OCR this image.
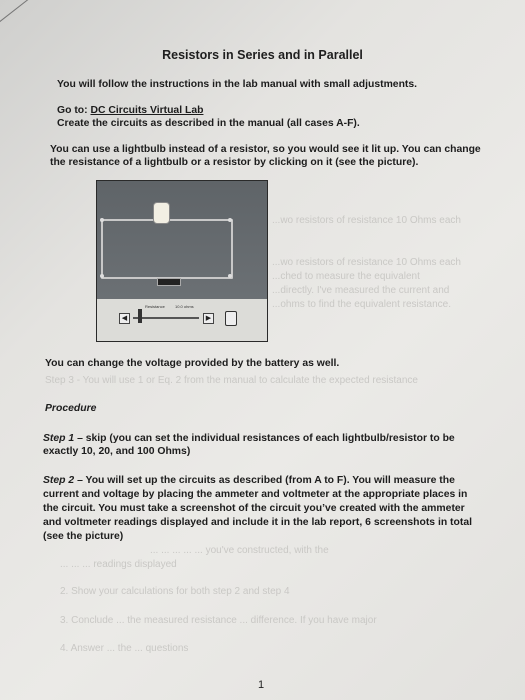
Resistors in Series and in Parallel
You will follow the instructions in the lab manual with small adjustments.
Go to: DC Circuits Virtual Lab
Create the circuits as described in the manual (all cases A-F).
You can use a lightbulb instead of a resistor, so you would see it lit up. You can change
the resistance of a lightbulb or a resistor by clicking on it (see the picture).
...wo resistors of resistance 10 Ohms each
...wo resistors of resistance 10 Ohms each
...ched to measure the equivalent
...directly. I've measured the current and
...ohms to find the equivalent resistance.
Resistance	10.0 ohms
◀	▶
You can change the voltage provided by the battery as well.
Step 3 - You will use 1 or Eq. 2 from the manual to calculate the expected resistance
Procedure
Step 1 – skip (you can set the individual resistances of each lightbulb/resistor to be
exactly 10, 20, and 100 Ohms)
Step 2 – You will set up the circuits as described (from A to F). You will measure the
current and voltage by placing the ammeter and voltmeter at the appropriate places in
the circuit. You must take a screenshot of the circuit you’ve created with the ammeter
and voltmeter readings displayed and include it in the lab report, 6 screenshots in total
(see the picture)
... ... ... ... ... you've constructed, with the
... ... ... readings displayed
2. Show your calculations for both step 2 and step 4
3. Conclude ... the measured resistance ... difference. If you have major
4. Answer ... the ... questions
1
